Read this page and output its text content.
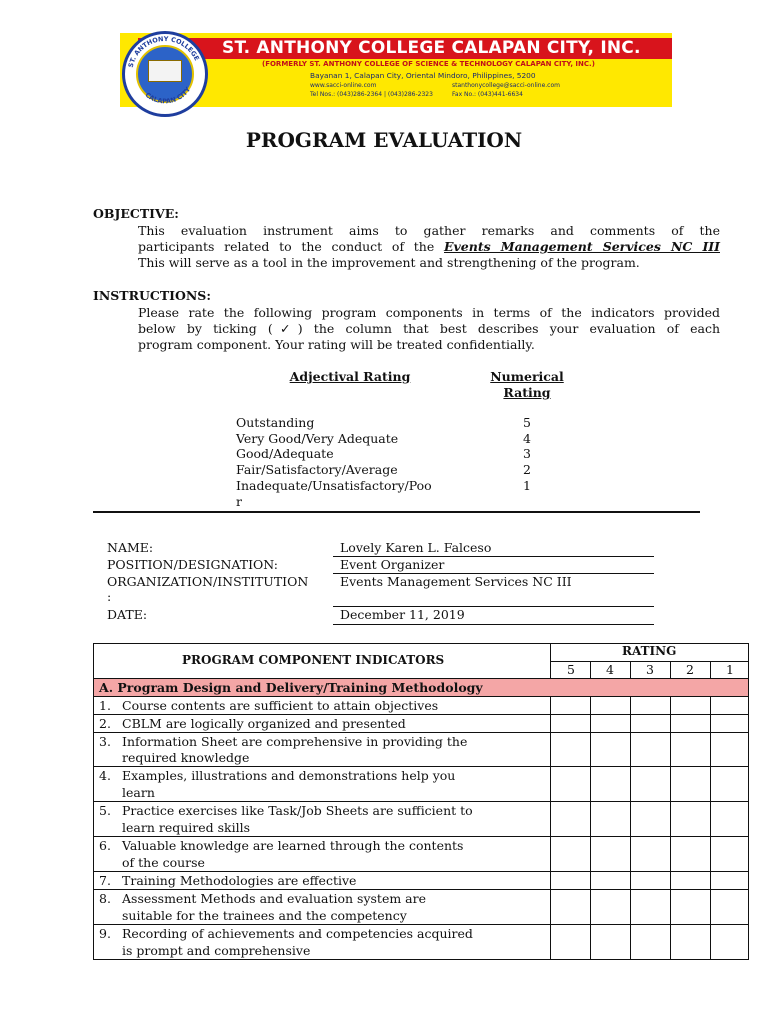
ST. ANTHONY COLLEGE
CALAPAN CITY
ST. ANTHONY COLLEGE CALAPAN CITY, INC.
(FORMERLY ST. ANTHONY COLLEGE OF SCIENCE & TECHNOLOGY CALAPAN CITY, INC.)
Bayanan 1, Calapan City, Oriental Mindoro, Philippines, 5200
www.sacci-online.com	stanthonycollege@sacci-online.com
Tel Nos.: (043)286-2364 | (043)286-2323	Fax No.: (043)441-6634
PROGRAM EVALUATION
OBJECTIVE:
This evaluation instrument aims to gather remarks and comments of the
participants related to the conduct of the Events Management Services NC III
This will serve as a tool in the improvement and strengthening of the program.
INSTRUCTIONS:
Please rate the following program components in terms of the indicators provided
below by ticking (✓) the column that best describes your evaluation of each
program component. Your rating will be treated confidentially.
Adjectival Rating	Numerical
Rating
Outstanding	5
Very Good/Very Adequate	4
Good/Adequate	3
Fair/Satisfactory/Average	2
Inadequate/Unsatisfactory/Poo	1
r
NAME:	Lovely Karen L. Falceso
POSITION/DESIGNATION:	Event Organizer
ORGANIZATION/INSTITUTION
:
Events Management Services NC III
DATE:	December 11, 2019
PROGRAM COMPONENT INDICATORS
RATING
5 4	3	2	1
A. Program Design and Delivery/Training Methodology
1. Course contents are sufficient to attain objectives
2. CBLM are logically organized and presented
3. Information Sheet are comprehensive in providing the
required knowledge
4. Examples, illustrations and demonstrations help you
learn
5. Practice exercises like Task/Job Sheets are sufficient to
learn required skills
6. Valuable knowledge are learned through the contents
of the course
7. Training Methodologies are effective
8. Assessment Methods and evaluation system are
suitable for the trainees and the competency
9. Recording of achievements and competencies acquired
is prompt and comprehensive
